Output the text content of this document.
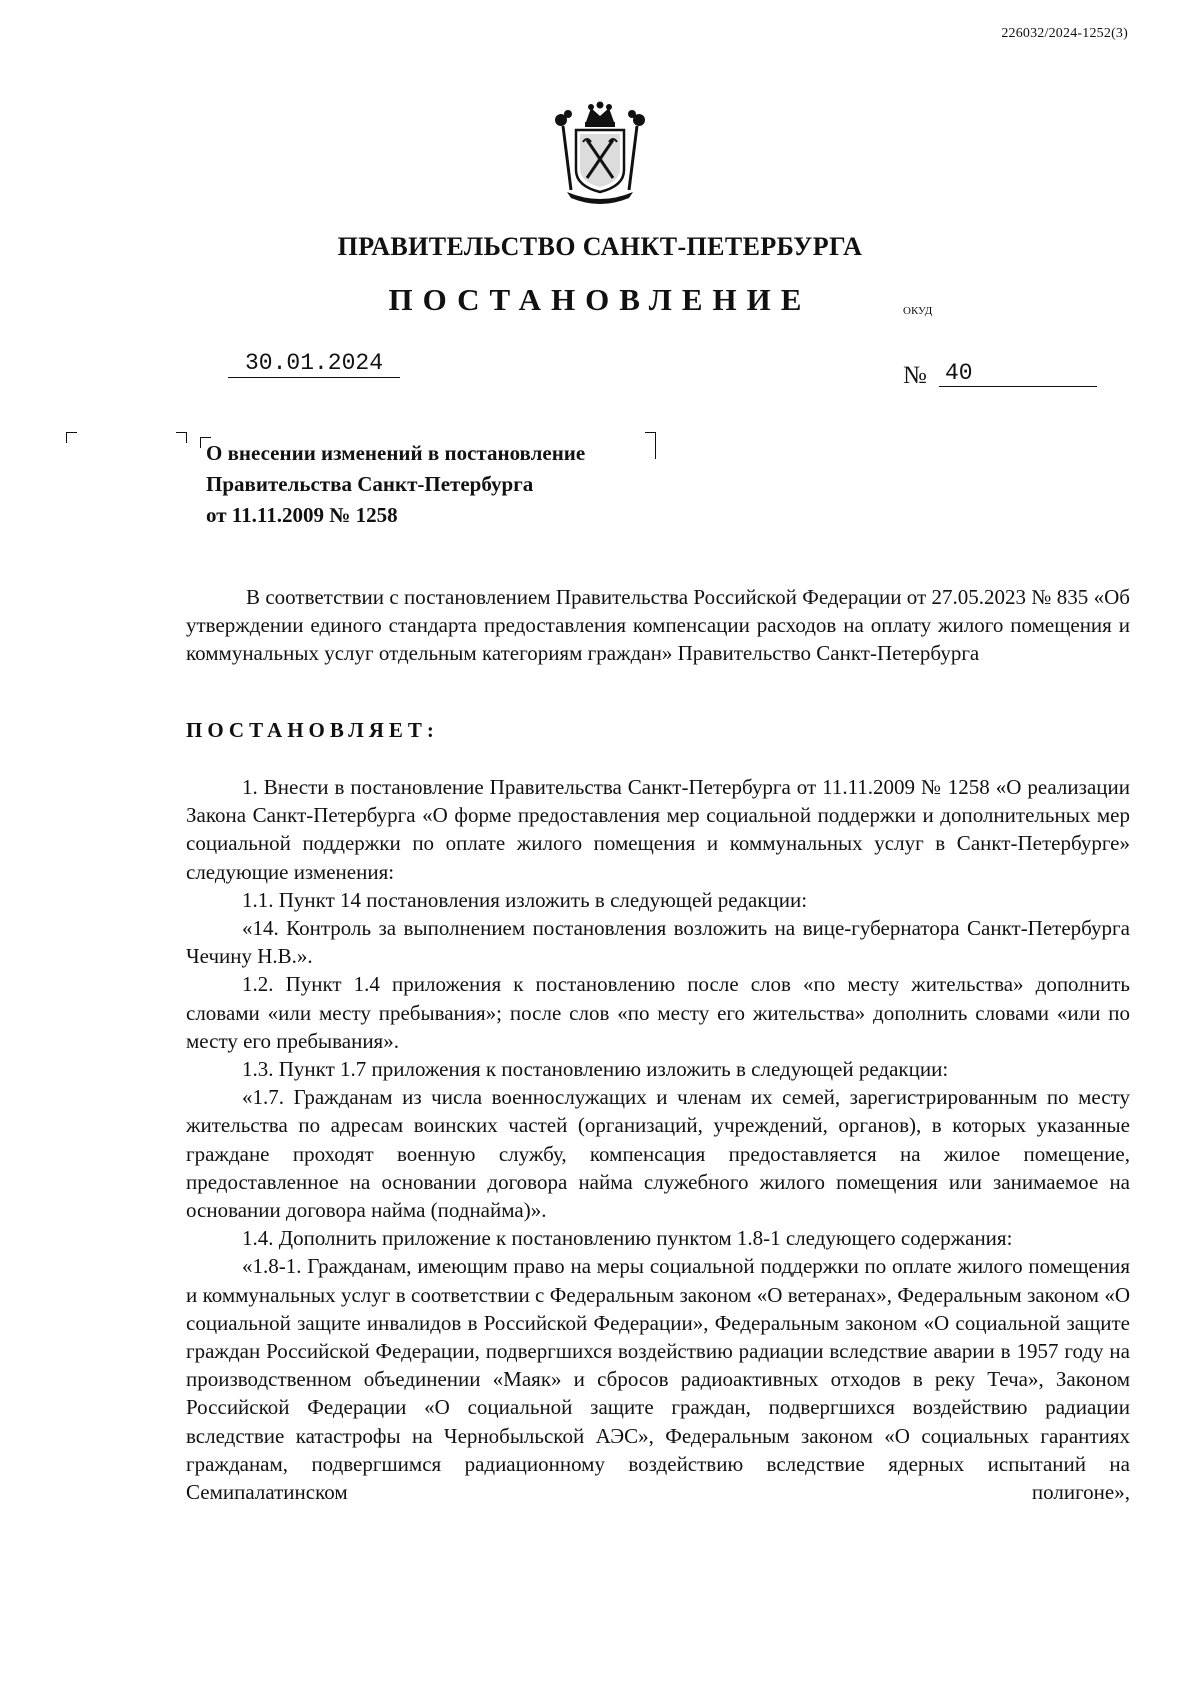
226032/2024-1252(3)
ПРАВИТЕЛЬСТВО САНКТ-ПЕТЕРБУРГА
ПОСТАНОВЛЕНИЕ	ОКУД
30.01.2024	№ 40
О внесении изменений в постановление
Правительства Санкт-Петербурга
от 11.11.2009 № 1258

В соответствии с постановлением Правительства Российской Федерации от 27.05.2023 № 835 «Об утверждении единого стандарта предоставления компенсации расходов на оплату жилого помещения и коммунальных услуг отдельным категориям граждан» Правительство Санкт-Петербурга

ПОСТАНОВЛЯЕТ:

1. Внести в постановление Правительства Санкт-Петербурга от 11.11.2009 № 1258 «О реализации Закона Санкт-Петербурга «О форме предоставления мер социальной поддержки и дополнительных мер социальной поддержки по оплате жилого помещения и коммунальных услуг в Санкт-Петербурге» следующие изменения:

1.1. Пункт 14 постановления изложить в следующей редакции:

«14. Контроль за выполнением постановления возложить на вице-губернатора Санкт-Петербурга Чечину Н.В.».

1.2. Пункт 1.4 приложения к постановлению после слов «по месту жительства» дополнить словами «или месту пребывания»; после слов «по месту его жительства» дополнить словами «или по месту его пребывания».

1.3. Пункт 1.7 приложения к постановлению изложить в следующей редакции:

«1.7. Гражданам из числа военнослужащих и членам их семей, зарегистрированным по месту жительства по адресам воинских частей (организаций, учреждений, органов), в которых указанные граждане проходят военную службу, компенсация предоставляется на жилое помещение, предоставленное на основании договора найма служебного жилого помещения или занимаемое на основании договора найма (поднайма)».

1.4. Дополнить приложение к постановлению пунктом 1.8-1 следующего содержания:

«1.8-1. Гражданам, имеющим право на меры социальной поддержки по оплате жилого помещения и коммунальных услуг в соответствии с Федеральным законом «О ветеранах», Федеральным законом «О социальной защите инвалидов в Российской Федерации», Федеральным законом «О социальной защите граждан Российской Федерации, подвергшихся воздействию радиации вследствие аварии в 1957 году на производственном объединении «Маяк» и сбросов радиоактивных отходов в реку Теча», Законом Российской Федерации «О социальной защите граждан, подвергшихся воздействию радиации вследствие катастрофы на Чернобыльской АЭС», Федеральным законом «О социальных гарантиях гражданам, подвергшимся радиационному воздействию вследствие ядерных испытаний на Семипалатинском полигоне»,
